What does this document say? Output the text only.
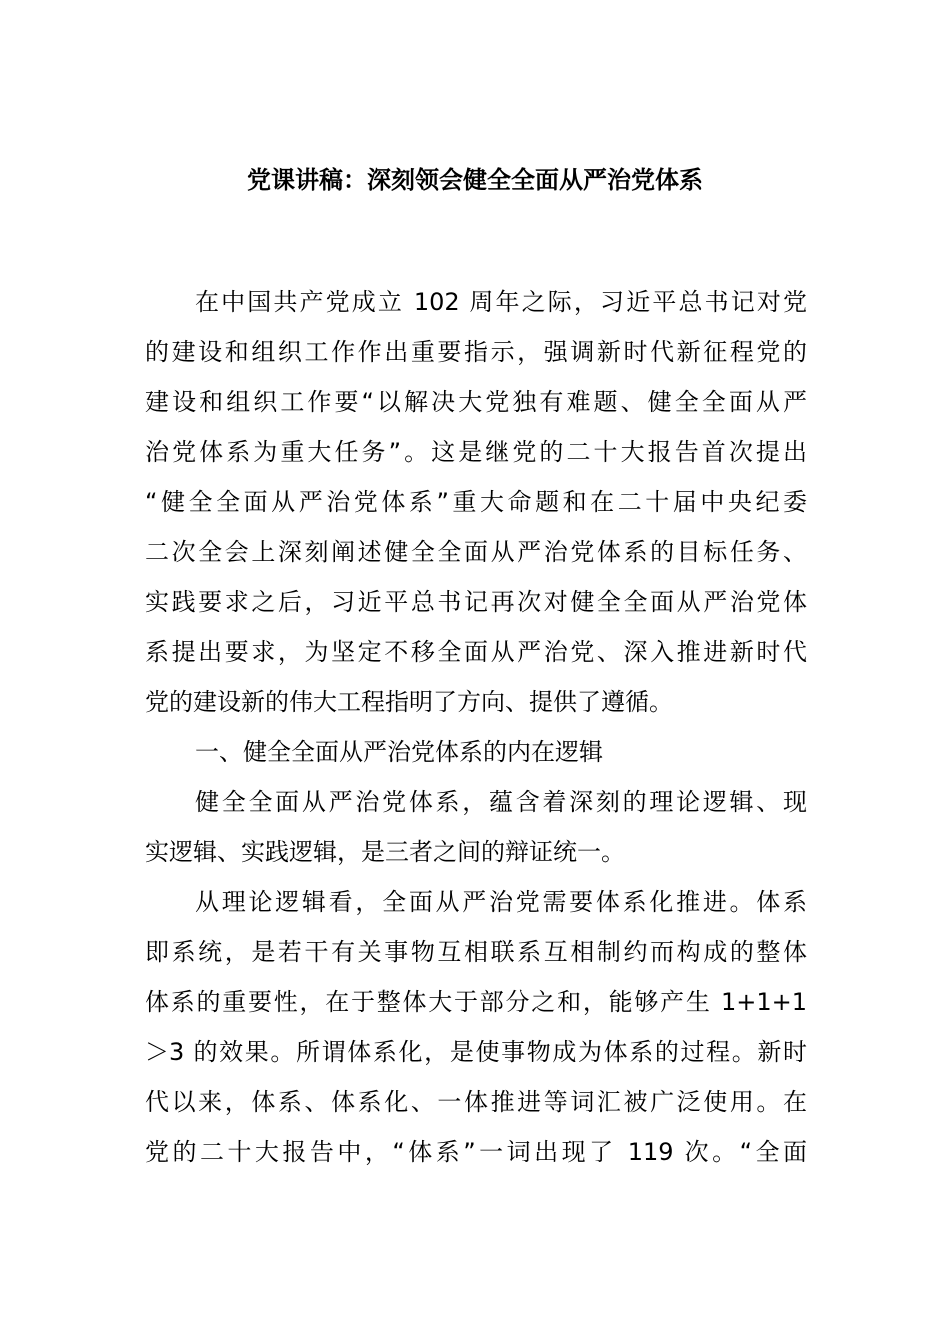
党课讲稿：深刻领会健全全面从严治党体系
在中国共产党成立 102 周年之际，习近平总书记对党
的建设和组织工作作出重要指示，强调新时代新征程党的
建设和组织工作要“以解决大党独有难题、健全全面从严
治党体系为重大任务”。这是继党的二十大报告首次提出
“健全全面从严治党体系”重大命题和在二十届中央纪委
二次全会上深刻阐述健全全面从严治党体系的目标任务、
实践要求之后，习近平总书记再次对健全全面从严治党体
系提出要求，为坚定不移全面从严治党、深入推进新时代
党的建设新的伟大工程指明了方向、提供了遵循。
一、健全全面从严治党体系的内在逻辑
健全全面从严治党体系，蕴含着深刻的理论逻辑、现
实逻辑、实践逻辑，是三者之间的辩证统一。
从理论逻辑看，全面从严治党需要体系化推进。体系
即系统，是若干有关事物互相联系互相制约而构成的整体
体系的重要性，在于整体大于部分之和，能够产生 1+1+1
＞3 的效果。所谓体系化，是使事物成为体系的过程。新时
代以来，体系、体系化、一体推进等词汇被广泛使用。在
党的二十大报告中，“体系”一词出现了 119 次。“全面
